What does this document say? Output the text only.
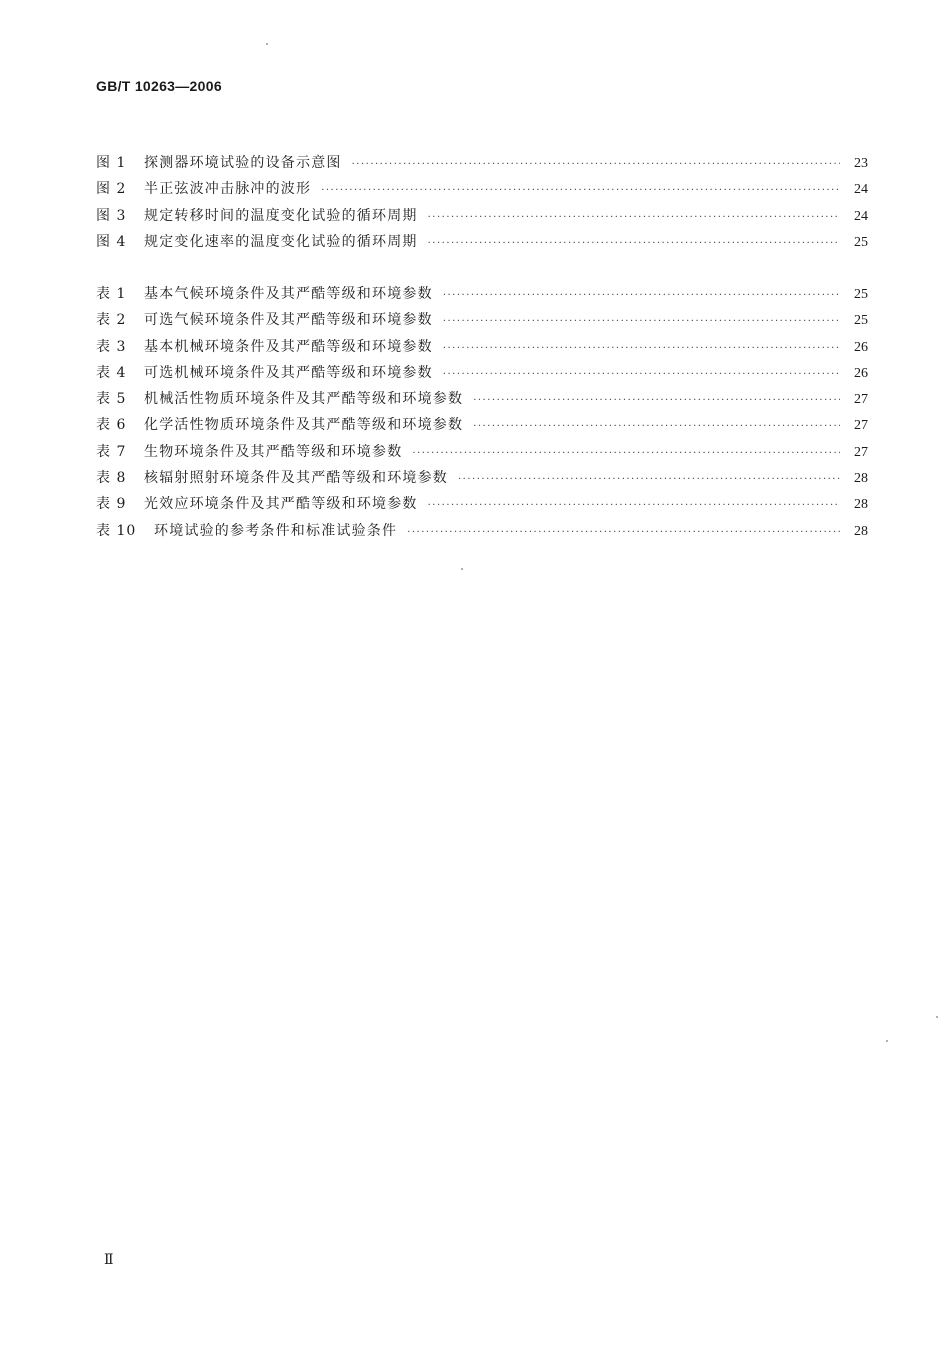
GB/T 10263—2006
图 1	探测器环境试验的设备示意图 ·····	23
图 2	半正弦波冲击脉冲的波形 ·····	24
图 3	规定转移时间的温度变化试验的循环周期 ·····	24
图 4	规定变化速率的温度变化试验的循环周期 ·····	25
表 1	基本气候环境条件及其严酷等级和环境参数 ·····	25
表 2	可选气候环境条件及其严酷等级和环境参数 ·····	25
表 3	基本机械环境条件及其严酷等级和环境参数 ·····	26
表 4	可选机械环境条件及其严酷等级和环境参数 ·····	26
表 5	机械活性物质环境条件及其严酷等级和环境参数 ·····	27
表 6	化学活性物质环境条件及其严酷等级和环境参数 ·····	27
表 7	生物环境条件及其严酷等级和环境参数 ·····	27
表 8	核辐射照射环境条件及其严酷等级和环境参数 ·····	28
表 9	光效应环境条件及其严酷等级和环境参数 ·····	28
表 10	环境试验的参考条件和标准试验条件 ·····	28
Ⅱ
